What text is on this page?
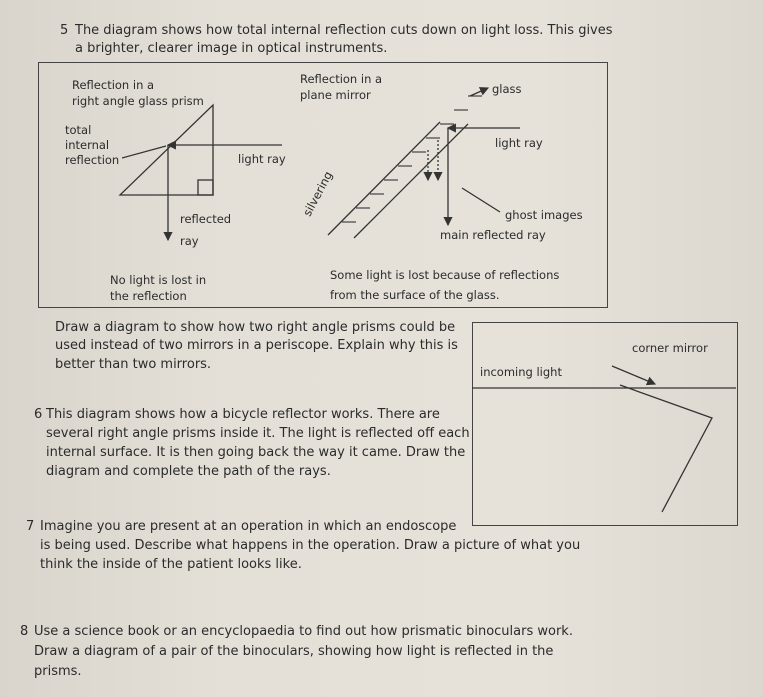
5 The diagram shows how total internal reflection cuts down on light loss. This gives
a brighter, clearer image in optical instruments.
Reflection in a
right angle glass prism
total
internal
reflection	light ray
reflected
ray
No light is lost in
the reflection
Reflection in a
plane mirror	glass
light ray
silvering	ghost images
main reflected ray
Some light is lost because of reflections
from the surface of the glass.
Draw a diagram to show how two right angle prisms could be
used instead of two mirrors in a periscope. Explain why this is
better than two mirrors.
corner mirror
incoming light
6 This diagram shows how a bicycle reflector works. There are
several right angle prisms inside it. The light is reflected off each
internal surface. It is then going back the way it came. Draw the
diagram and complete the path of the rays.
7 Imagine you are present at an operation in which an endoscope
is being used. Describe what happens in the operation. Draw a picture of what you
think the inside of the patient looks like.
8 Use a science book or an encyclopaedia to find out how prismatic binoculars work.
Draw a diagram of a pair of the binoculars, showing how light is reflected in the
prisms.
